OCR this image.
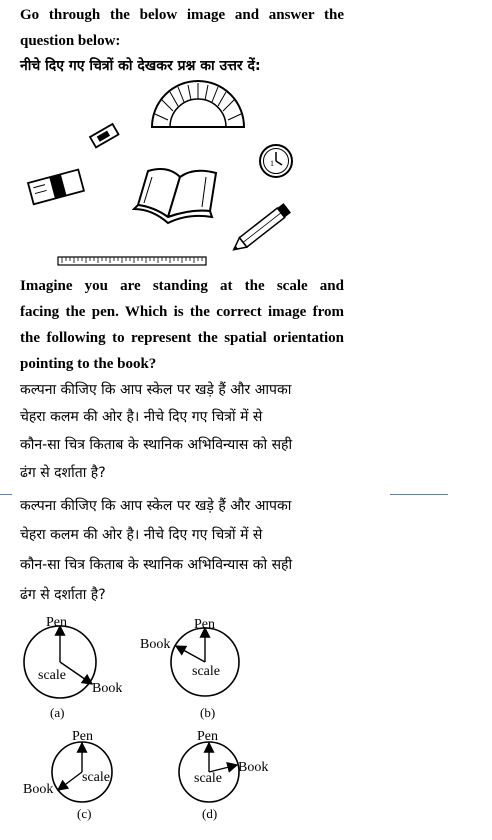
Go through the below image and answer the
question below:
नीचे दिए गए चित्रों को देखकर प्रश्न का उत्तर दें:
1
Imagine you are standing at the scale and
facing the pen. Which is the correct image from
the following to represent the spatial orientation
pointing to the book?
कल्पना कीजिए कि आप स्केल पर खड़े हैं और आपका
चेहरा कलम की ओर है। नीचे दिए गए चित्रों में से
कौन-सा चित्र किताब के स्थानिक अभिविन्यास को सही
ढंग से दर्शाता है?
कल्पना कीजिए कि आप स्केल पर खड़े हैं और आपका
चेहरा कलम की ओर है। नीचे दिए गए चित्रों में से
कौन-सा चित्र किताब के स्थानिक अभिविन्यास को सही
ढंग से दर्शाता है?
Pen
scale
Book
(a)
Pen
Book
scale
(b)
Pen
scale
Book
(c)
Pen
Book
scale
(d)
